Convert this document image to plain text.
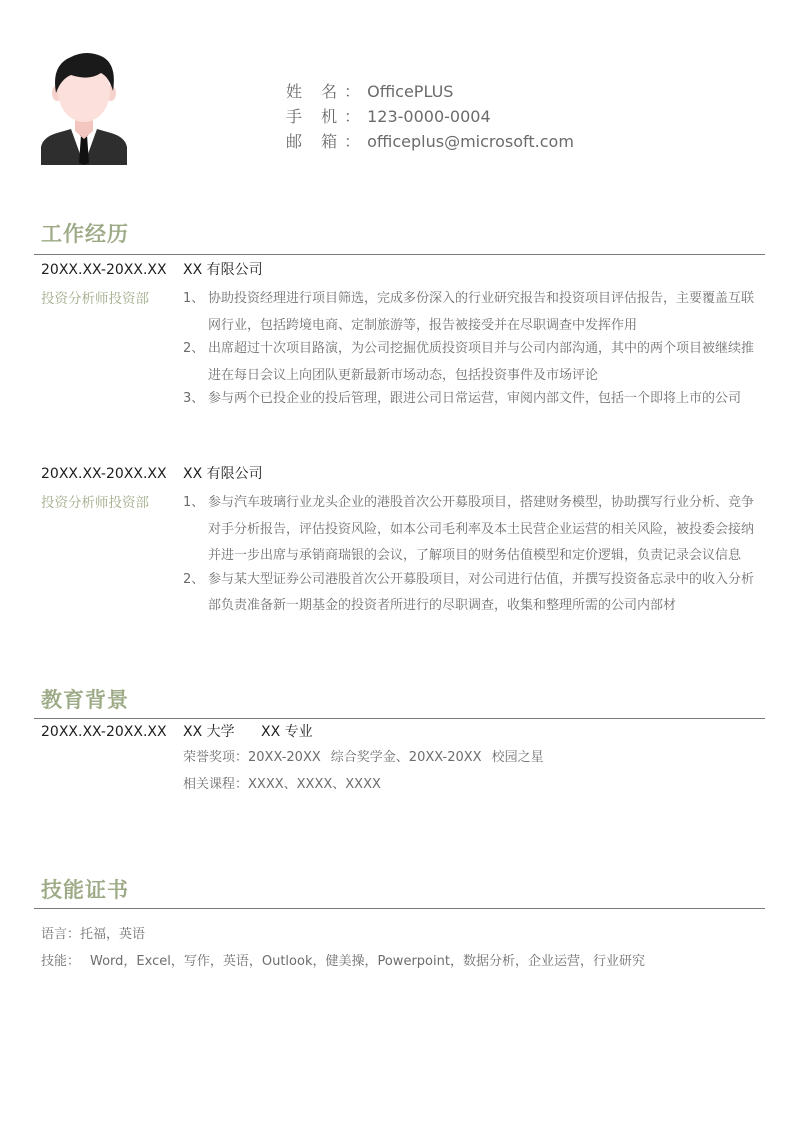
姓 名： OfficePLUS
手 机： 123-0000-0004
邮 箱： officeplus@microsoft.com
工作经历
20XX.XX-20XX.XX	XX 有限公司
投资分析师投资部	1、 协助投资经理进行项目筛选，完成多份深入的行业研究报告和投资项目评估报告，主要覆盖互联网行业，包括跨境电商、定制旅游等，报告被接受并在尽职调查中发挥作用
2、 出席超过十次项目路演，为公司挖掘优质投资项目并与公司内部沟通，其中的两个项目被继续推进在每日会议上向团队更新最新市场动态，包括投资事件及市场评论
3、 参与两个已投企业的投后管理，跟进公司日常运营，审阅内部文件，包括一个即将上市的公司
20XX.XX-20XX.XX	XX 有限公司
投资分析师投资部	1、 参与汽车玻璃行业龙头企业的港股首次公开募股项目，搭建财务模型，协助撰写行业分析、竞争对手分析报告，评估投资风险，如本公司毛利率及本土民营企业运营的相关风险，被投委会接纳并进一步出席与承销商瑞银的会议，了解项目的财务估值模型和定价逻辑，负责记录会议信息
2、 参与某大型证券公司港股首次公开募股项目，对公司进行估值，并撰写投资备忘录中的收入分析部负责准备新一期基金的投资者所进行的尽职调查，收集和整理所需的公司内部材
教育背景
20XX.XX-20XX.XX	XX 大学	XX 专业
荣誉奖项：20XX-20XX 综合奖学金、20XX-20XX 校园之星
相关课程：XXXX、XXXX、XXXX
技能证书
语言：托福，英语
技能： Word，Excel，写作，英语，Outlook，健美操，Powerpoint，数据分析，企业运营，行业研究
